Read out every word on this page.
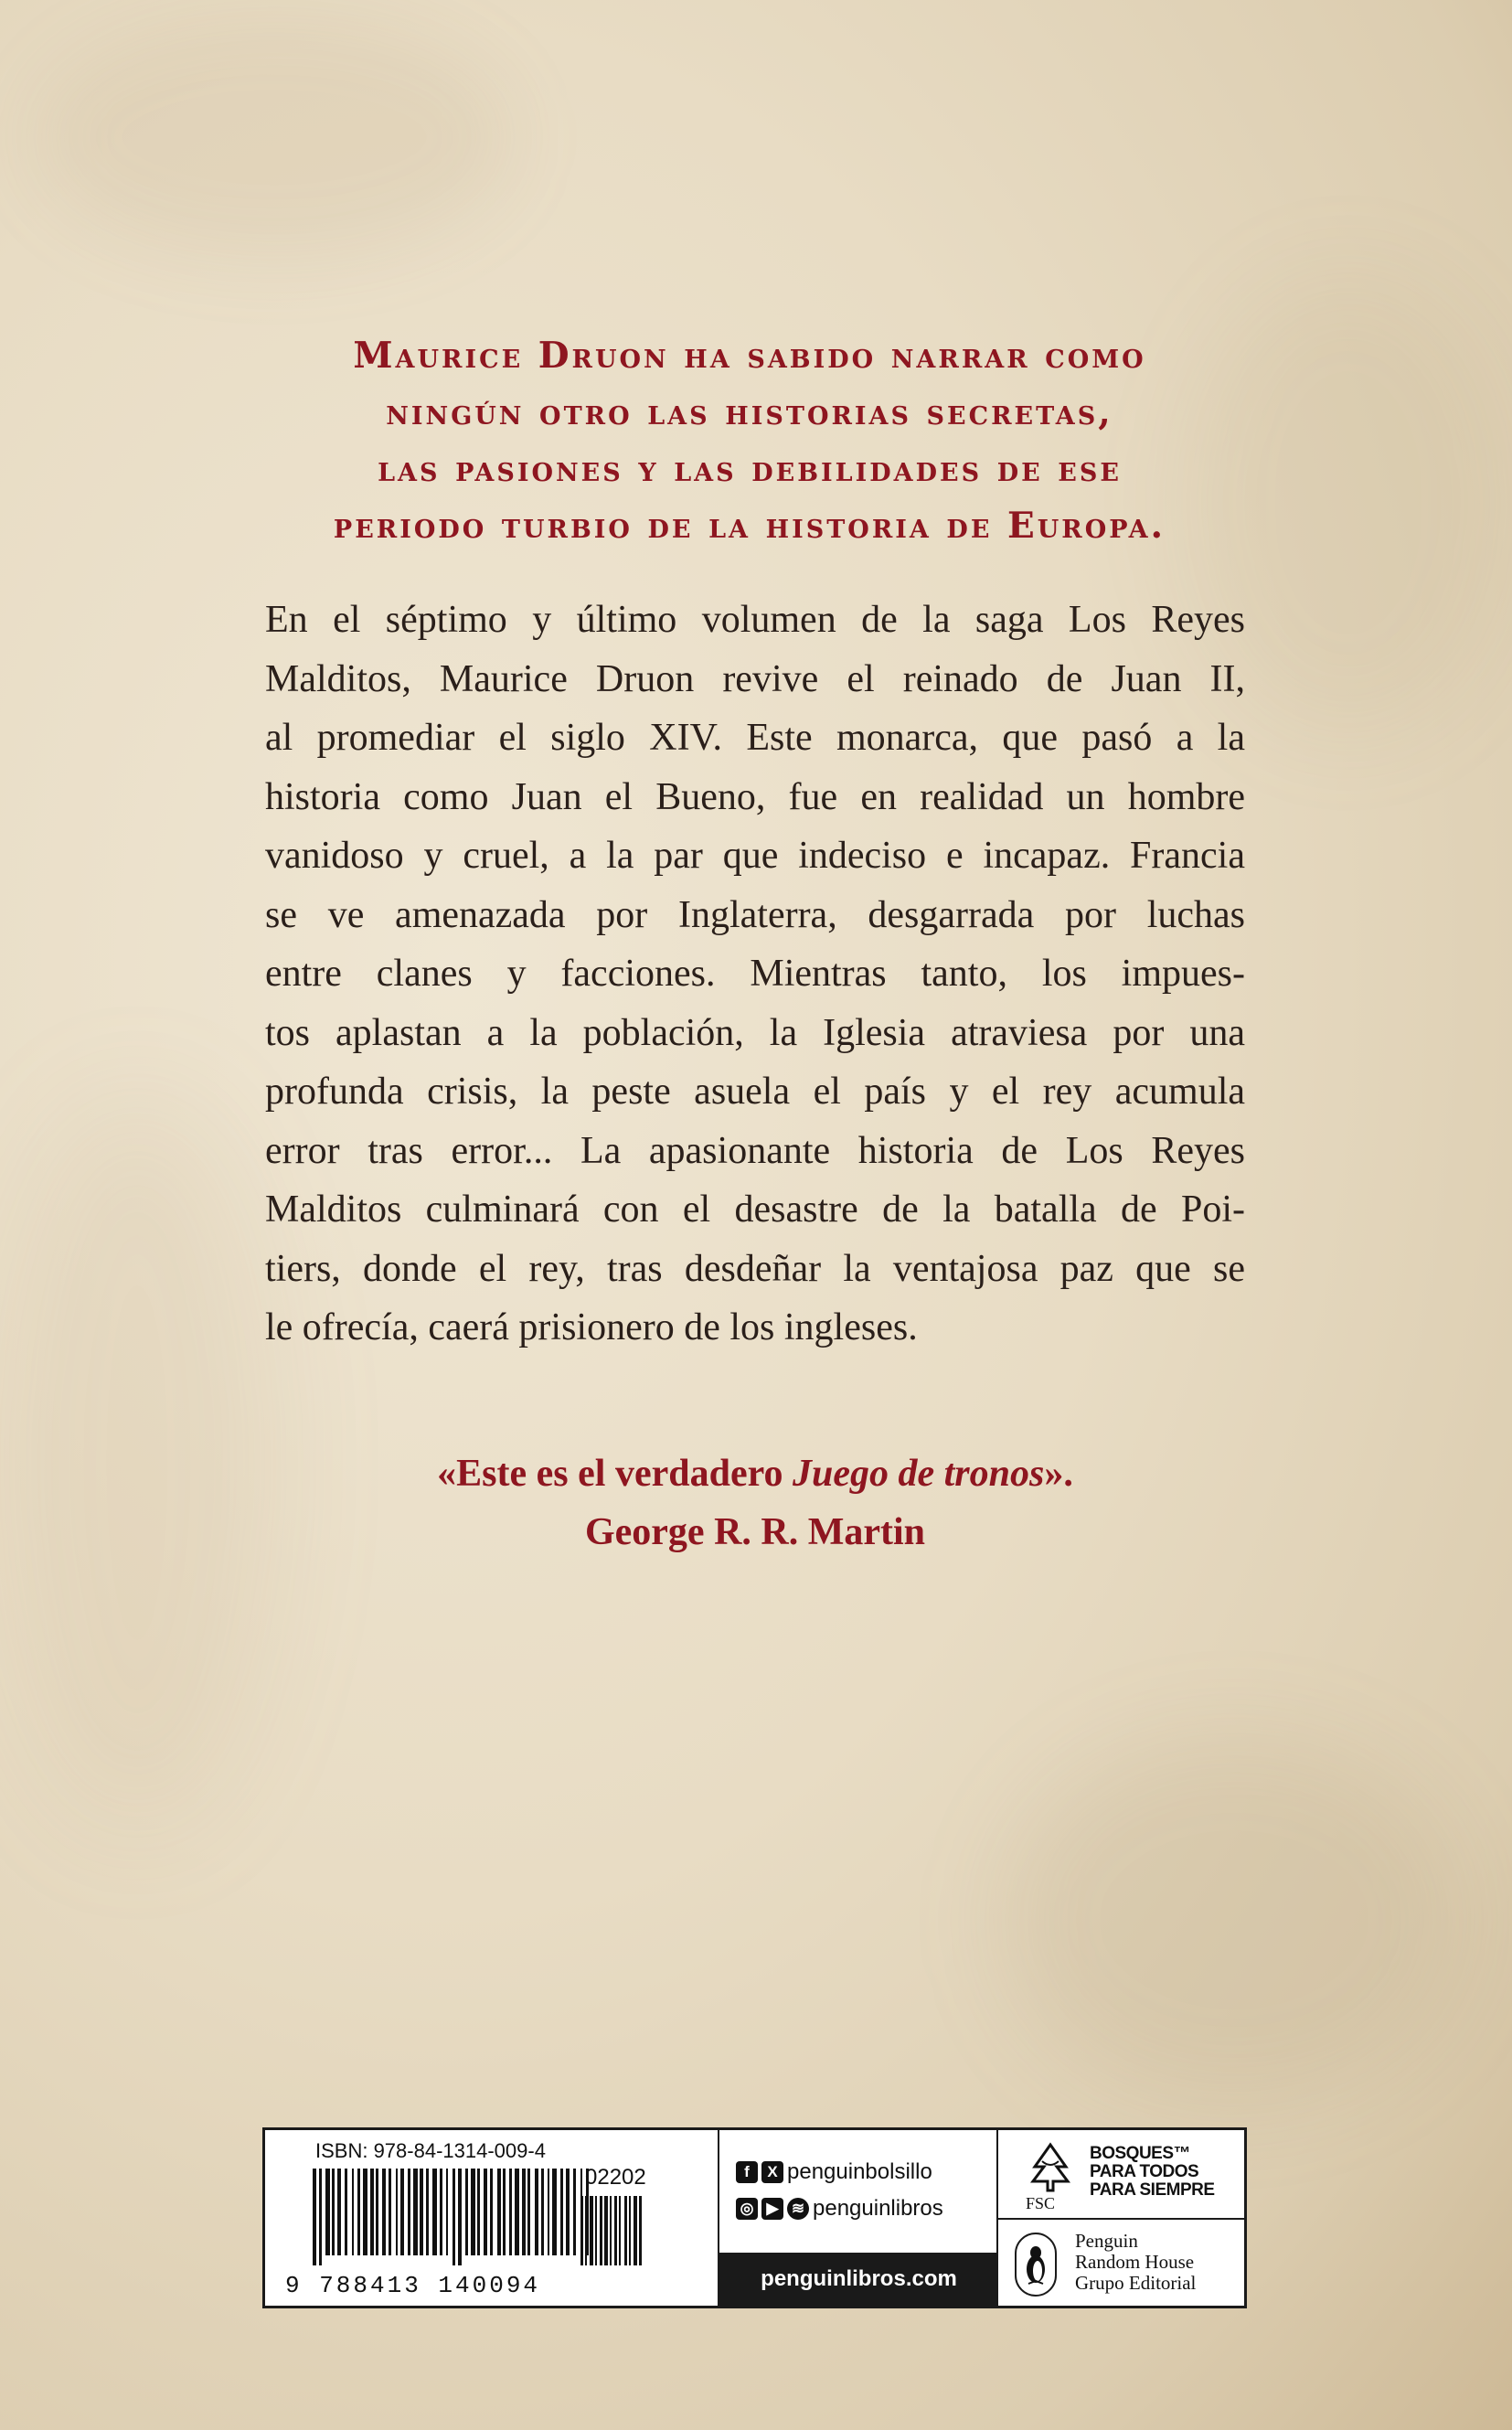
Maurice Druon ha sabido narrar como
ningún otro las historias secretas,
las pasiones y las debilidades de ese
periodo turbio de la historia de Europa.
En el séptimo y último volumen de la saga Los Reyes
Malditos, Maurice Druon revive el reinado de Juan II,
al promediar el siglo XIV. Este monarca, que pasó a la
historia como Juan el Bueno, fue en realidad un hombre
vanidoso y cruel, a la par que indeciso e incapaz. Francia
se ve amenazada por Inglaterra, desgarrada por luchas
entre clanes y facciones. Mientras tanto, los impues-
tos aplastan a la población, la Iglesia atraviesa por una
profunda crisis, la peste asuela el país y el rey acumula
error tras error... La apasionante historia de Los Reyes
Malditos culminará con el desastre de la batalla de Poi-
tiers, donde el rey, tras desdeñar la ventajosa paz que se
le ofrecía, caerá prisionero de los ingleses.
«Este es el verdadero Juego de tronos».
George R. R. Martin
ISBN: 978-84-1314-009-4
02202
9 788413 140094
f	X penguinbolsillo
◎ ▶ ≋ penguinlibros
penguinlibros.com
FSC
BOSQUES™
PARA TODOS
PARA SIEMPRE
Penguin
Random House
Grupo Editorial
